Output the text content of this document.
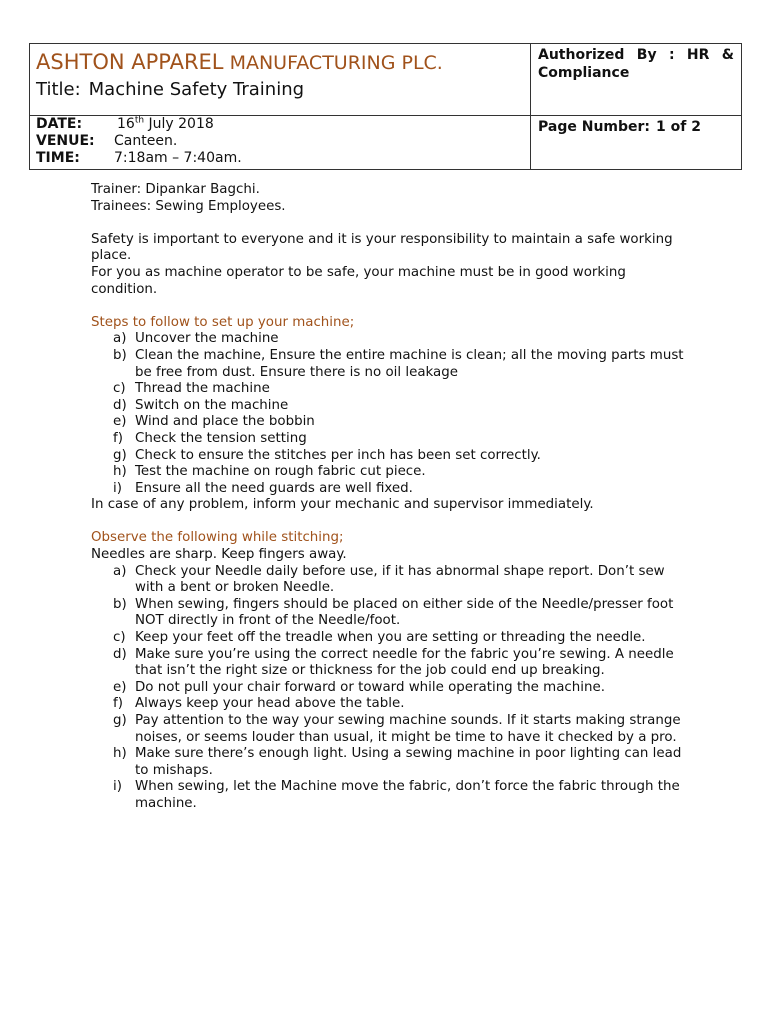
ASHTON APPAREL MANUFACTURING PLC.
Title: Machine Safety Training	Authorized By : HR & Compliance

DATE: 16th July 2018
VENUE: Canteen.
TIME: 7:18am – 7:40am.	Page Number: 1 of 2

Trainer: Dipankar Bagchi.

Trainees: Sewing Employees.

Safety is important to everyone and it is your responsibility to maintain a safe working place.

For you as machine operator to be safe, your machine must be in good working condition.

Steps to follow to set up your machine;

a) Uncover the machine
b) Clean the machine, Ensure the entire machine is clean; all the moving parts must be free from dust. Ensure there is no oil leakage
c) Thread the machine
d) Switch on the machine
e) Wind and place the bobbin
f) Check the tension setting
g) Check to ensure the stitches per inch has been set correctly.
h) Test the machine on rough fabric cut piece.
i) Ensure all the need guards are well fixed.

In case of any problem, inform your mechanic and supervisor immediately.

Observe the following while stitching;

Needles are sharp. Keep fingers away.

a) Check your Needle daily before use, if it has abnormal shape report. Don’t sew with a bent or broken Needle.
b) When sewing, fingers should be placed on either side of the Needle/presser foot NOT directly in front of the Needle/foot.
c) Keep your feet off the treadle when you are setting or threading the needle.
d) Make sure you’re using the correct needle for the fabric you’re sewing. A needle that isn’t the right size or thickness for the job could end up breaking.
e) Do not pull your chair forward or toward while operating the machine.
f) Always keep your head above the table.
g) Pay attention to the way your sewing machine sounds. If it starts making strange noises, or seems louder than usual, it might be time to have it checked by a pro.
h) Make sure there’s enough light. Using a sewing machine in poor lighting can lead to mishaps.
i) When sewing, let the Machine move the fabric, don’t force the fabric through the machine.
